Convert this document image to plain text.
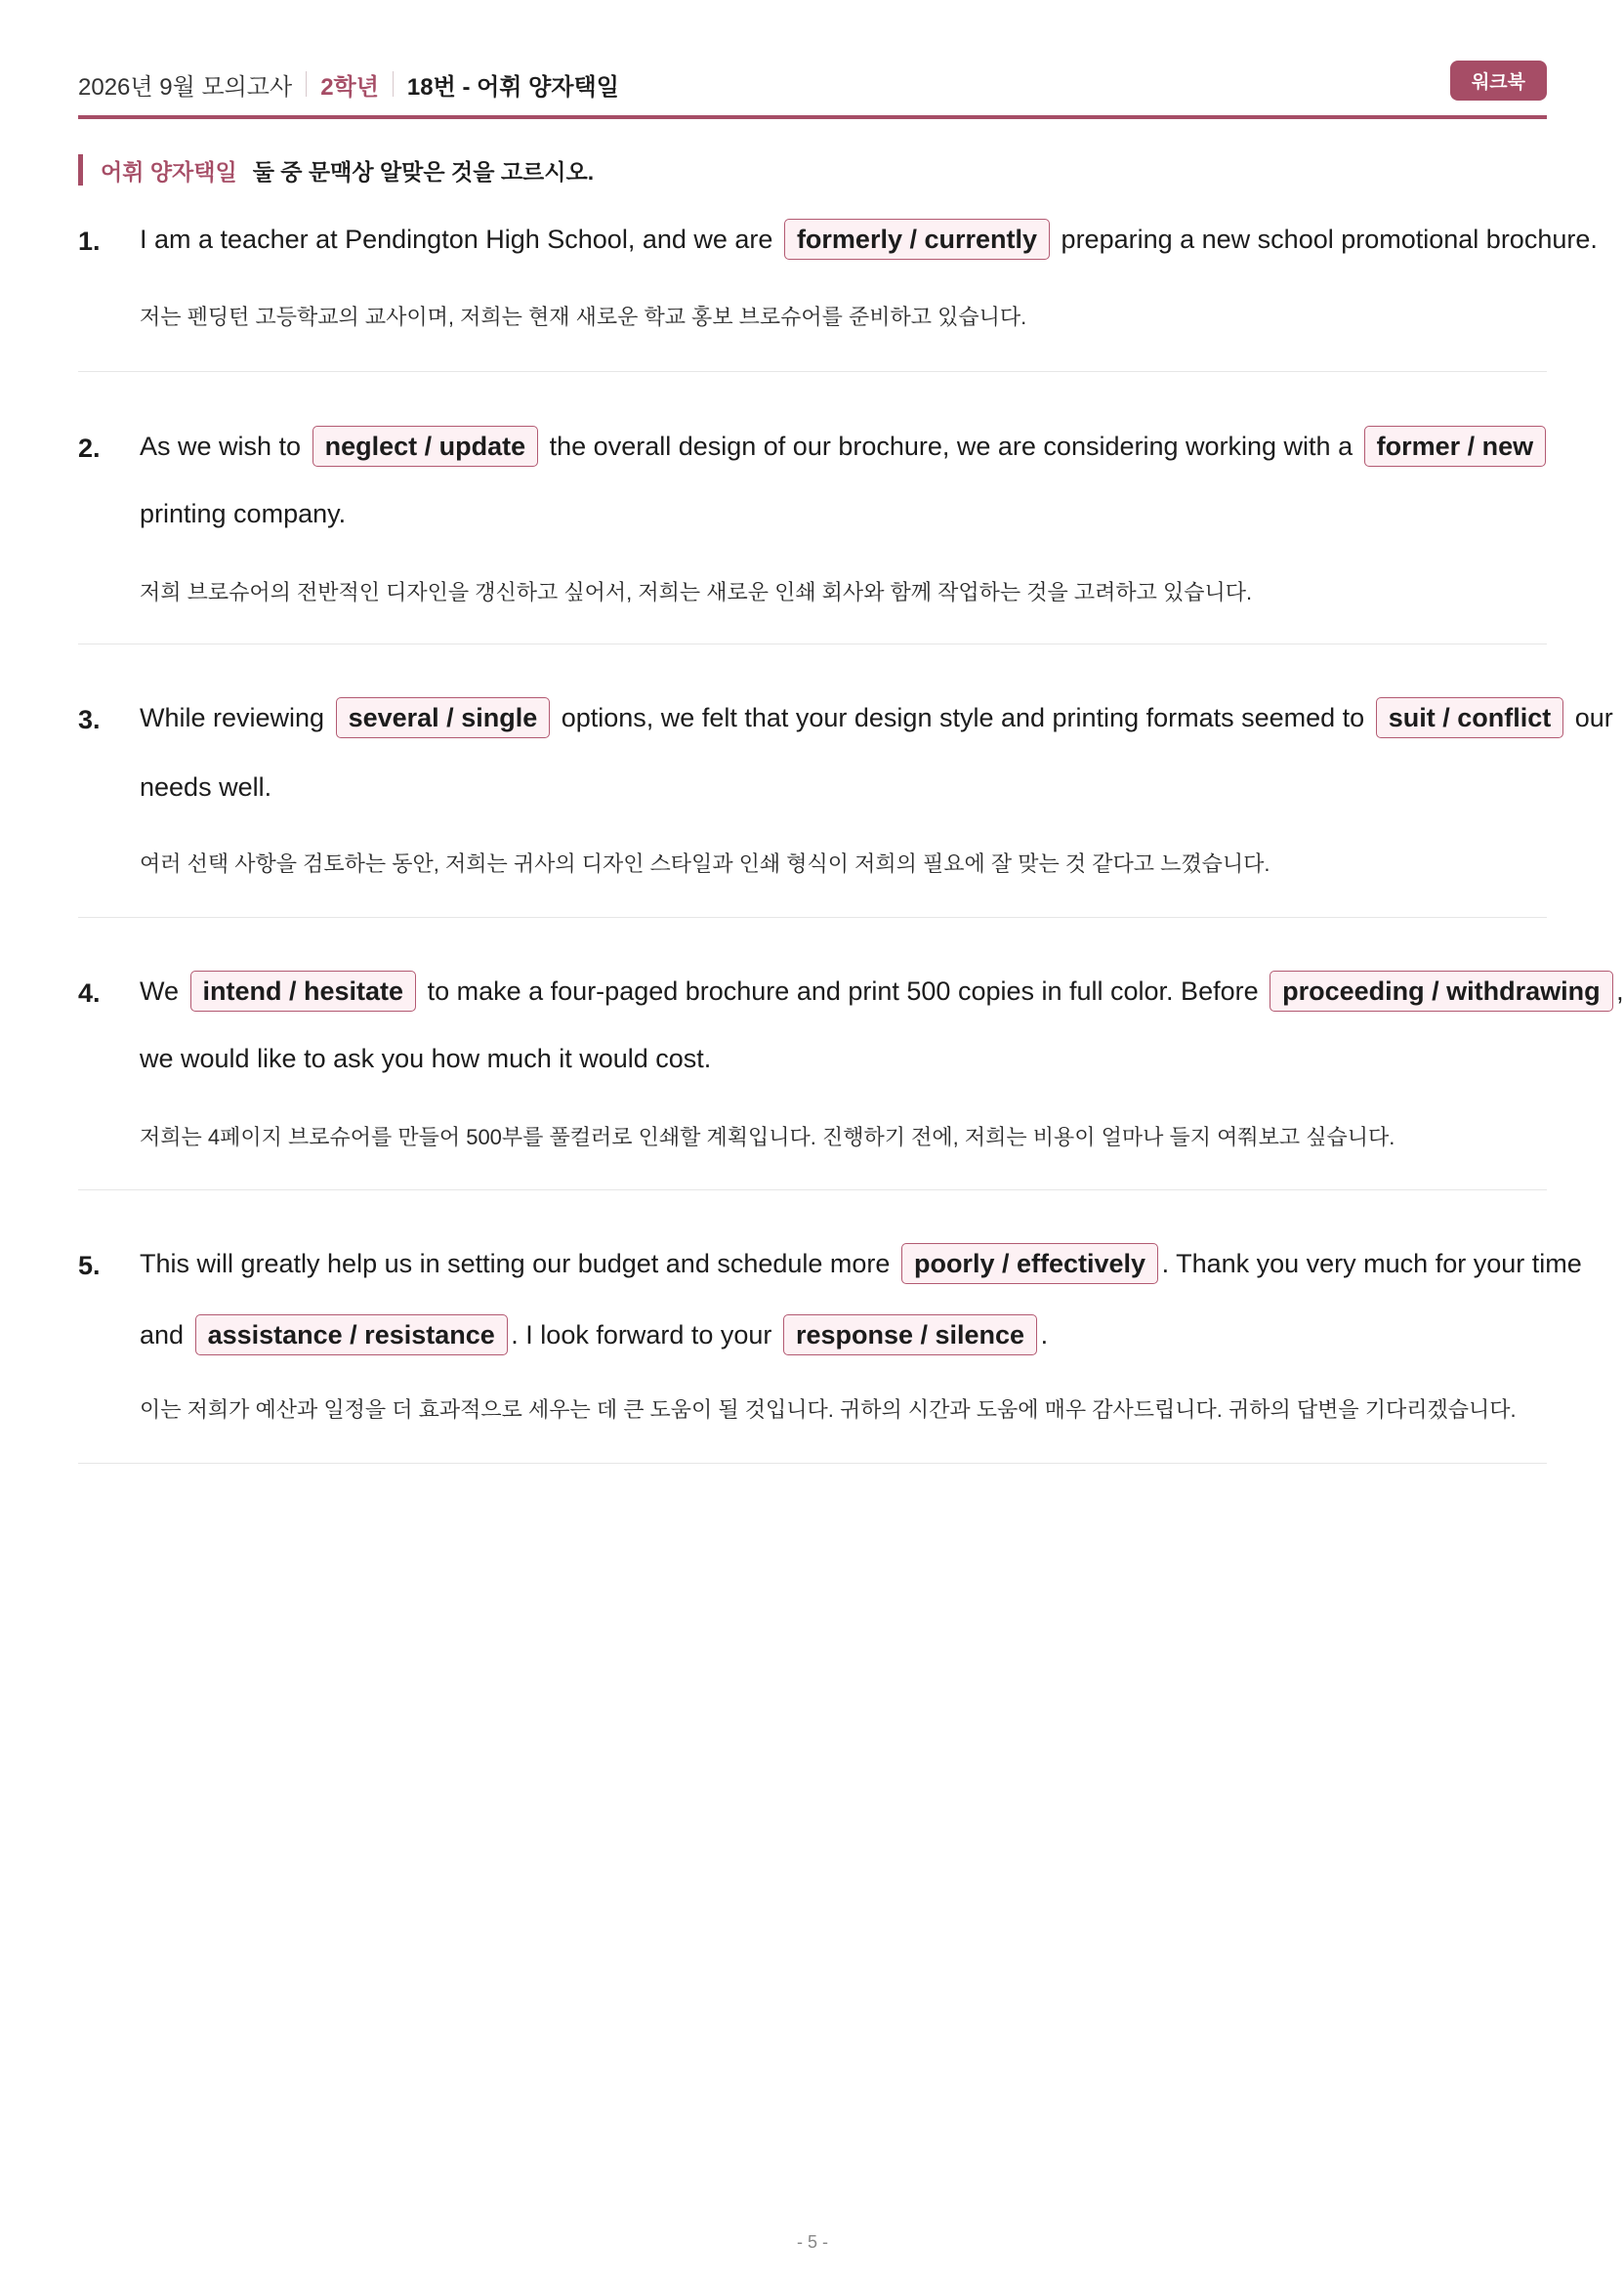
2026년 9월 모의고사 2학년 18번 - 어휘 양자택일	워크북
어휘 양자택일 둘 중 문맥상 알맞은 것을 고르시오.
1. I am a teacher at Pendington High School, and we are formerly / currently preparing a new school promotional brochure.
저는 펜딩턴 고등학교의 교사이며, 저희는 현재 새로운 학교 홍보 브로슈어를 준비하고 있습니다.
2. As we wish to neglect / update the overall design of our brochure, we are considering working with a former / new
printing company.
저희 브로슈어의 전반적인 디자인을 갱신하고 싶어서, 저희는 새로운 인쇄 회사와 함께 작업하는 것을 고려하고 있습니다.
3. While reviewing several / single options, we felt that your design style and printing formats seemed to suit / conflict our
needs well.
여러 선택 사항을 검토하는 동안, 저희는 귀사의 디자인 스타일과 인쇄 형식이 저희의 필요에 잘 맞는 것 같다고 느꼈습니다.
4. We intend / hesitate to make a four-paged brochure and print 500 copies in full color. Before proceeding / withdrawing ,
we would like to ask you how much it would cost.
저희는 4페이지 브로슈어를 만들어 500부를 풀컬러로 인쇄할 계획입니다. 진행하기 전에, 저희는 비용이 얼마나 들지 여쭤보고 싶습니다.
5. This will greatly help us in setting our budget and schedule more poorly / effectively . Thank you very much for your time
and assistance / resistance . I look forward to your response / silence .
이는 저희가 예산과 일정을 더 효과적으로 세우는 데 큰 도움이 될 것입니다. 귀하의 시간과 도움에 매우 감사드립니다. 귀하의 답변을 기다리겠습니다.
- 5 -
